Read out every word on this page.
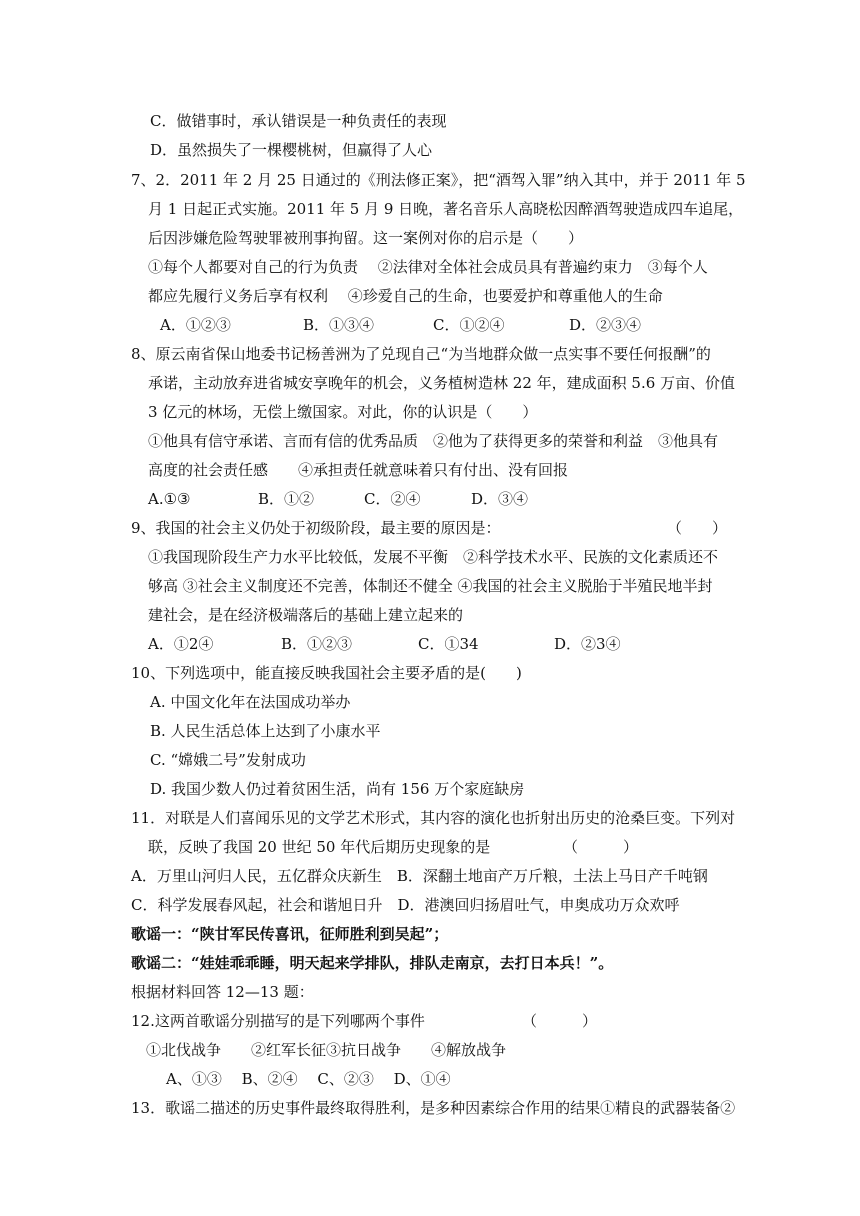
C．做错事时，承认错误是一种负责任的表现
D．虽然损失了一棵樱桃树，但赢得了人心
7、2．2011 年 2 月 25 日通过的《刑法修正案》，把“酒驾入罪”纳入其中，并于 2011 年 5
月 1 日起正式实施。2011 年 5 月 9 日晚，著名音乐人高晓松因醉酒驾驶造成四车追尾，
后因涉嫌危险驾驶罪被刑事拘留。这一案例对你的启示是（　　）
①每个人都要对自己的行为负责　 ②法律对全体社会成员具有普遍约束力　③每个人
都应先履行义务后享有权利　 ④珍爱自己的生命，也要爱护和尊重他人的生命
A．①②③	B．①③④	C．①②④	D．②③④
8、原云南省保山地委书记杨善洲为了兑现自己“为当地群众做一点实事不要任何报酬”的
承诺，主动放弃进省城安享晚年的机会，义务植树造林 22 年，建成面积 5.6 万亩、价值
3 亿元的林场，无偿上缴国家。对此，你的认识是（　　）
①他具有信守承诺、言而有信的优秀品质　②他为了获得更多的荣誉和利益　③他具有
高度的社会责任感　　④承担责任就意味着只有付出、没有回报
A.①③	B．①②	C．②④	D．③④
9、我国的社会主义仍处于初级阶段，最主要的原因是：	（　　）
①我国现阶段生产力水平比较低，发展不平衡　②科学技术水平、民族的文化素质还不
够高 ③社会主义制度还不完善，体制还不健全 ④我国的社会主义脱胎于半殖民地半封
建社会，是在经济极端落后的基础上建立起来的
A．①2④	B．①②③	C．①34	D．②3④
10、下列选项中，能直接反映我国社会主要矛盾的是(　　)
A. 中国文化年在法国成功举办
B. 人民生活总体上达到了小康水平
C. “嫦娥二号”发射成功
D. 我国少数人仍过着贫困生活，尚有 156 万个家庭缺房
11．对联是人们喜闻乐见的文学艺术形式，其内容的演化也折射出历史的沧桑巨变。下列对
联，反映了我国 20 世纪 50 年代后期历史现象的是	（　　　）
A．万里山河归人民，五亿群众庆新生　B．深翻土地亩产万斤粮，土法上马日产千吨钢
C．科学发展春风起，社会和谐旭日升　D．港澳回归扬眉吐气，申奥成功万众欢呼
歌谣一：“陕甘军民传喜讯，征师胜利到吴起”；
歌谣二：“娃娃乖乖睡，明天起来学排队，排队走南京，去打日本兵！”。
根据材料回答 12—13 题：
12.这两首歌谣分别描写的是下列哪两个事件	（　　　）
①北伐战争　　②红军长征③抗日战争　　④解放战争
A、①③　 B、②④　 C、②③　 D、①④
13．歌谣二描述的历史事件最终取得胜利，是多种因素综合作用的结果①精良的武器装备②
